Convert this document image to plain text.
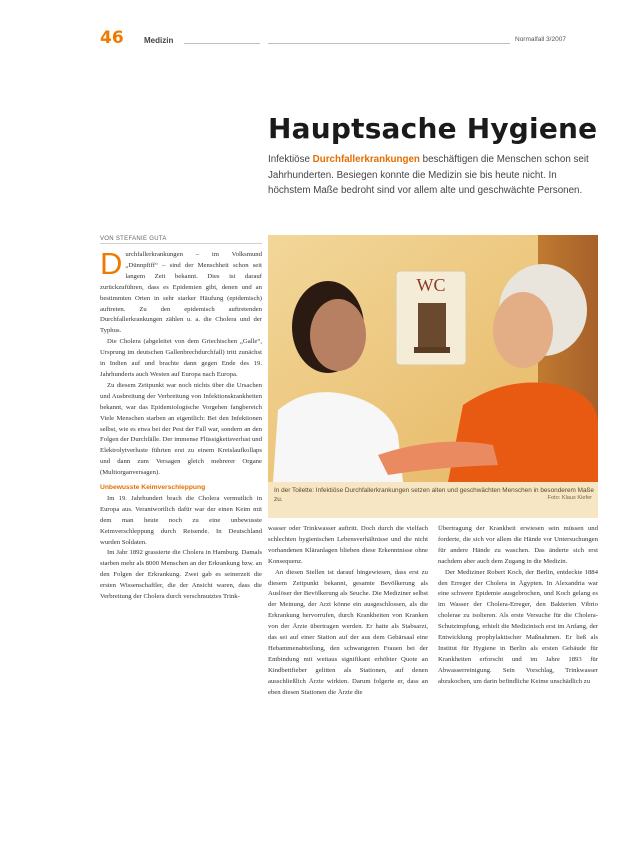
46	Medizin	Normalfall 3/2007
Hauptsache Hygiene
Infektiöse Durchfallerkrankungen beschäftigen die Menschen schon seit Jahrhunderten. Besiegen konnte die Medizin sie bis heute nicht. In höchstem Maße bedroht sind vor allem alte und geschwächte Personen.
VON STEFANIE GUTA

Durchfallerkrankungen – im Volksmund „Dünnpfiff“ – sind der Menschheit schon seit langem Zeit bekannt. Dies ist darauf zurückzuführen, dass es Epidemien gibt, denen und an bestimmten Orten in sehr starker Häufung (epidemisch) auftreten. Zu den epidemisch auftretenden Durchfallerkrankungen zählen u. a. die Cholera und der Typhus.

Die Cholera (abgeleitet von dem Griechischen „Galle“, Ursprung im deutschen Gallenbrechdurchfall) tritt zunächst in Indien auf und brachte dann gegen Ende des 19. Jahrhunderts auch Westen auf Europa nach Europa.

Zu diesem Zeitpunkt war noch nichts über die Ursachen und Ausbreitung der Verbreitung von Infektionskrankheiten bekannt, war das Epidemiologische Vorgehen fangbereich Viele Menschen starben an eigentlich: Bei den Infektionen selbst, wie es etwa bei der Pest der Fall war, sondern an den Folgen der Durchfälle. Der immense Flüssigkeitsverlust und Elektrolytverluste führten erst zu einem Kreislaufkollaps und dann zum Versagen gleich mehrerer Organe (Multiorganversagen).

Unbewusste Keimverschleppung

Im 19. Jahrhundert brach die Cholera vermutlich in Europa aus. Verantwortlich dafür war der einen Keim mit dem man heute noch zu eine unbewusste Keimverschleppung durch Reisende. In Deutschland wurden Soldaten.

Im Jahr 1892 grassierte die Cholera in Hamburg. Damals starben mehr als 8000 Menschen an der Erkrankung bzw. an den Folgen der Erkrankung. Zwei gab es seinerzeit die ersten Wissenschaftler, die der Ansicht waren, dass die Verbreitung der Cholera durch verschmutztes Trink-

WC
In der Toilette: Infektiöse Durchfallerkrankungen setzen alten und geschwächten Menschen in besonderem Maße zu.	Foto: Klaus Kiefer

wasser oder Trinkwasser auftritt. Doch durch die vielfach schlechten hygienischen Lebensverhältnisse und die nicht vorhandenen Kläranlagen blieben diese Erkenntnisse ohne Konsequenz.

An diesen Stellen ist darauf hingewiesen, dass erst zu diesem Zeitpunkt bekannt, gesamte Bevölkerung als Auslöser der Bevölkerung als Seuche. Die Mediziner selbst der Meinung, der Arzt könne ein ausgeschlossen, als die Erkrankung hervorrufen, durch Krankheiten von Kranken von der Ärzte übertragen werden. Er hatte als Stabsarzt, das sei auf einer Station auf der aus dem Gebärsaal eine Hebammenabteilung, den schwangeren Frauen bei der Entbindung mit weitaus signifikant erhöhter Quote an Kindbettfieber gelitten als Stationen, auf denen ausschließlich Ärzte wirkten. Darum folgerte er, dass an eben diesen Stationen die Ärzte die

Übertragung der Krankheit erwiesen sein müssen und forderte, die sich vor allem die Hände vor Untersuchungen für andere Hände zu waschen. Das änderte sich erst nachdem aber auch dem Zugang in die Medizin.

Der Mediziner Robert Koch, der Berlin, entdeckte 1884 den Erreger der Cholera in Ägypten. In Alexandria war eine schwere Epidemie ausgebrochen, und Koch gelang es im Wasser der Cholera-Erreger, den Bakterien Vibrio cholerae zu isolieren. Als erste Versuche für die Cholera-Schutzimpfung, erhielt die Medizinisch erst im Anfang, der Entwicklung prophylaktischer Maßnahmen. Er ließ als Institut für Hygiene in Berlin als ersten Gebäude für Krankheiten erforscht und im Jahre 1893 für Abwasserreinigung. Sein Vorschlag, Trinkwasser abzukochen, um darin befindliche Keime unschädlich zu
